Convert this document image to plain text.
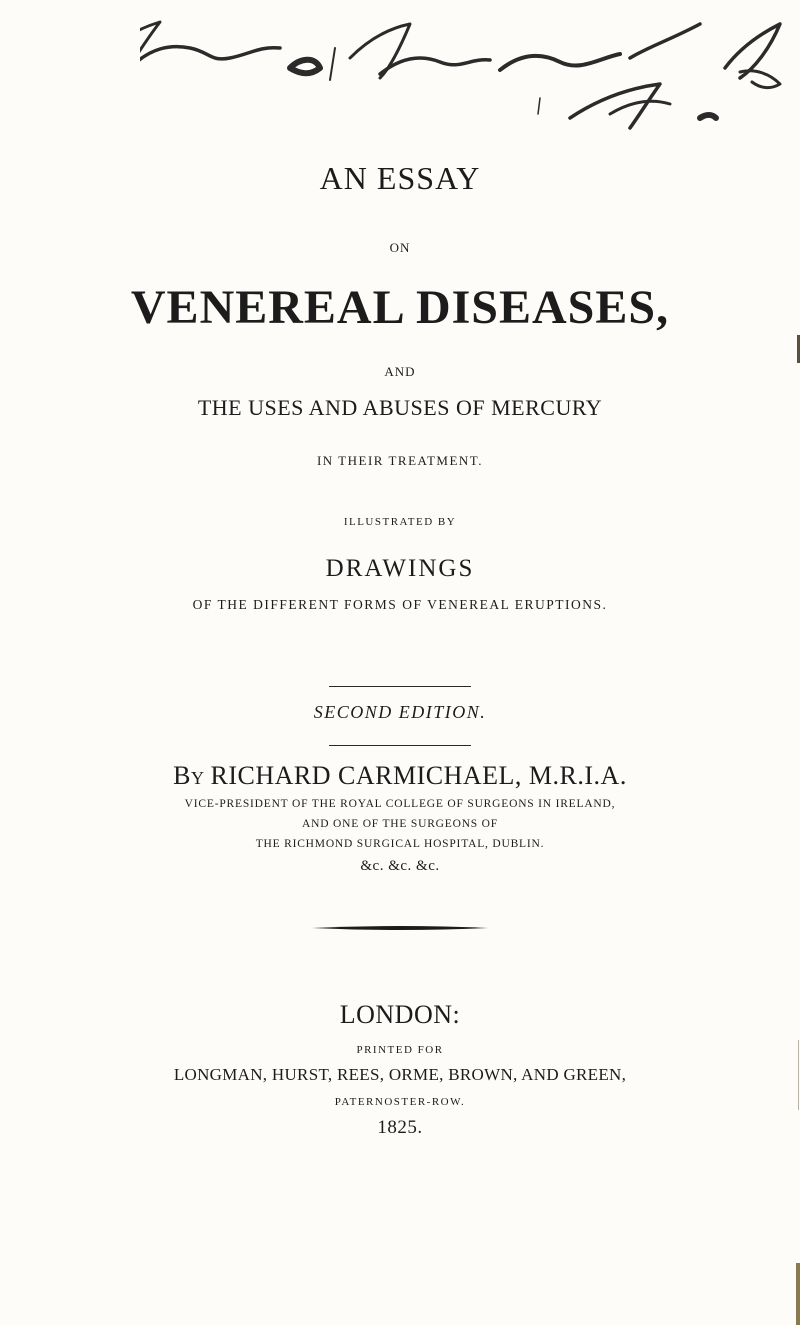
AN ESSAY

ON

VENEREAL DISEASES,

AND

THE USES AND ABUSES OF MERCURY

IN THEIR TREATMENT.

ILLUSTRATED BY

DRAWINGS

OF THE DIFFERENT FORMS OF VENEREAL ERUPTIONS.

SECOND EDITION.

BY RICHARD CARMICHAEL, M.R.I.A.

VICE-PRESIDENT OF THE ROYAL COLLEGE OF SURGEONS IN IRELAND,

AND ONE OF THE SURGEONS OF

THE RICHMOND SURGICAL HOSPITAL, DUBLIN.

&c. &c. &c.

LONDON:

PRINTED FOR

LONGMAN, HURST, REES, ORME, BROWN, AND GREEN,

PATERNOSTER-ROW.

1825.
